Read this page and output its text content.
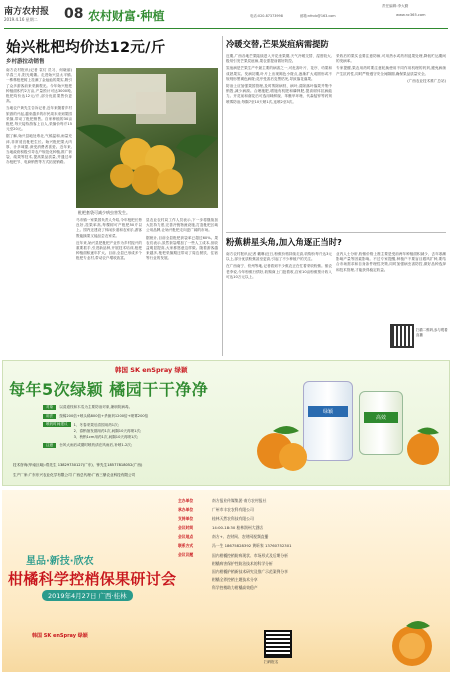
南方农村报
2019.4.16 星期二 08 农村财富·种植
责任编辑:李大勤
电话:020-87373998	邮箱:nfncb@163.com	www.nc365.com
始兴枇杷均价达12元/斤
乡村游拉动销售

南方农村报讯(记者 袁灯 员习、何晓丽)早春三月,阳光明媚。走进始兴县太平镇,一株株枇杷树上挂满了金灿灿的果实,吸引了众多游客前来采摘观光。今年始兴枇杷种植面积约2万亩,产量预计可达3000吨,枇杷均价达12元/斤,部分优质果售价更高。

当地农户黄先生告诉记者,近年来随着乡村旅游的兴起,越来越多的市民周末来到果园采摘,带动了枇杷销售。自家种植的30亩枇杷,每天接待游客上百人,采摘价每斤15元至20元。

据了解,始兴县地处粤北,气候温和,雨量充沛,非常适宜枇杷生长。始兴枇杷果大肉厚、汁多味甜,深受消费者喜爱。近年来,当地政府积极引导农户规范化种植,推广套袋、疏果等技术,提高果品质量,并通过举办枇杷节、电商销售等方式拓宽销路。

马市镇一家果园负责人介绍,今年枇杷长势良好,挂果率高,每棵树可产枇杷50斤以上。园内还建设了休闲步道和农家乐,游客既能摘果又能品尝农家菜。

近年来,始兴县把枇杷产业作为乡村振兴的重要抓手,引进新品种,开展技术培训,枇杷种植面积逐年扩大。目前,全县已形成多个枇杷专业村,带动农户增收致富。

枇杷套袋可减少病虫害发生。

县农业农村局工作人员表示,下一步将继续加大扶持力度,完善冷链物流设施,打造枇杷区域公用品牌,让始兴枇杷走向更广阔的市场。

据统计,目前全县枇杷套袋率已超过60%。果农们表示,虽然套袋增加了一些人工成本,但收益明显提高,大家都愿意这样做。随着游客越来越多,枇杷采摘期还带动了周边餐饮、住宿等行业的发展。

冷暖交替,芒果炭疽病需提防

近期,广西各地芒果陆续进入开花坐果期,天气冷暖交替、湿度较大,极易引发芒果炭疽病,果农需提前做好防控。

炭疽病是芒果生产中最主要的病害之一,可危害叶片、花序、幼果和成熟果实。发病初期,叶片上出现褐色小斑点,逐渐扩大成圆形或不规则形黑褐色病斑;花序受害后变黑枯死,导致落花落果。

防治上应加强果园管理,及时剪除病枝、病叶,清除落叶落果并集中销毁,减少病源。合理施肥,增施有机肥和磷钾肥,提高树体抗病能力。开花前和谢花后可选用咪鲜胺、苯醚甲环唑、代森锰锌等药剂喷雾防治,每隔7至10天喷1次,连喷2至3次。

采收后的果实也要注意防病,可用热水或药剂浸果处理,降低贮运期间的发病率。

专家提醒,果农用药时要注意轮换使用不同作用机理的药剂,避免病菌产生抗药性,同时严格遵守安全间隔期,确保果品质量安全。

(广西农业技术推广总站)

粉蕉耕星头角,加入角逐正当时?

南方农村报讯(记者 戴琳)近日,粉蕉价格持续走高,收购价每斤达3元以上,部分优质粉蕉甚至更高,引起了不少种植户的关注。

在广西南宁、钦州等地,记者看到不少蕉农正在忙着采收粉蕉。蕉农老李说,今年粉蕉行情好,收购商上门抢着收,自家10亩粉蕉预计收入可达10万元以上。

业内人士分析,粉蕉价格上涨主要是受前两年种植面积减少、去年寒潮影响产量等因素影响。不过专家提醒,种植户不要盲目跟风扩种,要结合市场需求和自身条件理性决策,同时加强病虫害防控,做好品种选择和技术管理,才能获得稳定收益。

扫描二维码,参与观看直播
韩国 SK enSpray 绿颖
每年5次绿颖 橘园干干净净
对象	以清道枝和木瓜为主要防治对象,兼职防病毒。
用法	按稀200倍+喷头稀800倍+杀菌剂1200倍+喷雾200倍
喷药时间建议	1、冬春采果后清园用药1次;
2、春梢抽发期用药1次,间隔10天再喷1次;
3、秋梢1cm用药1次,间隔10天再喷1次;
注意	台风大雨后或期时喷药请在风雨后,补喷1-2次;
技术咨询(华南区域):郑先生 13829730127(广东)、钟先生18577818052(广西)
生产厂家:广东东兴农业化学有限公司 广西总代理:广西三鼎农业科技有限公司
绿颖
高效
主办单位	南方报业传媒集团·南方农村报社
承办单位	广州市丰农农科有限公司
支持单位	桂林天然农科技有限公司
会议时间	14:00-18:30 桂林润州大酒店
会议地点	南方+、农财网、农财网视频直播
联系方式	冯一生 18675828392 黄昕家 13760752301
会议议题	国内柑橘控梢防病现状、市场形式及后期分析
柑橘病害保护性防治技术的科学分析
国内柑橘护梢新技术研究及推广示范案例分享
柑橘全养控梢主题技术分享
科学控梢助力柑橘高效稳产
星品·新技·欣农
柑橘科学控梢保果研讨会
2019年4月27日 广西·桂林
韩国 SK enSpray 绿颖
扫码报名
